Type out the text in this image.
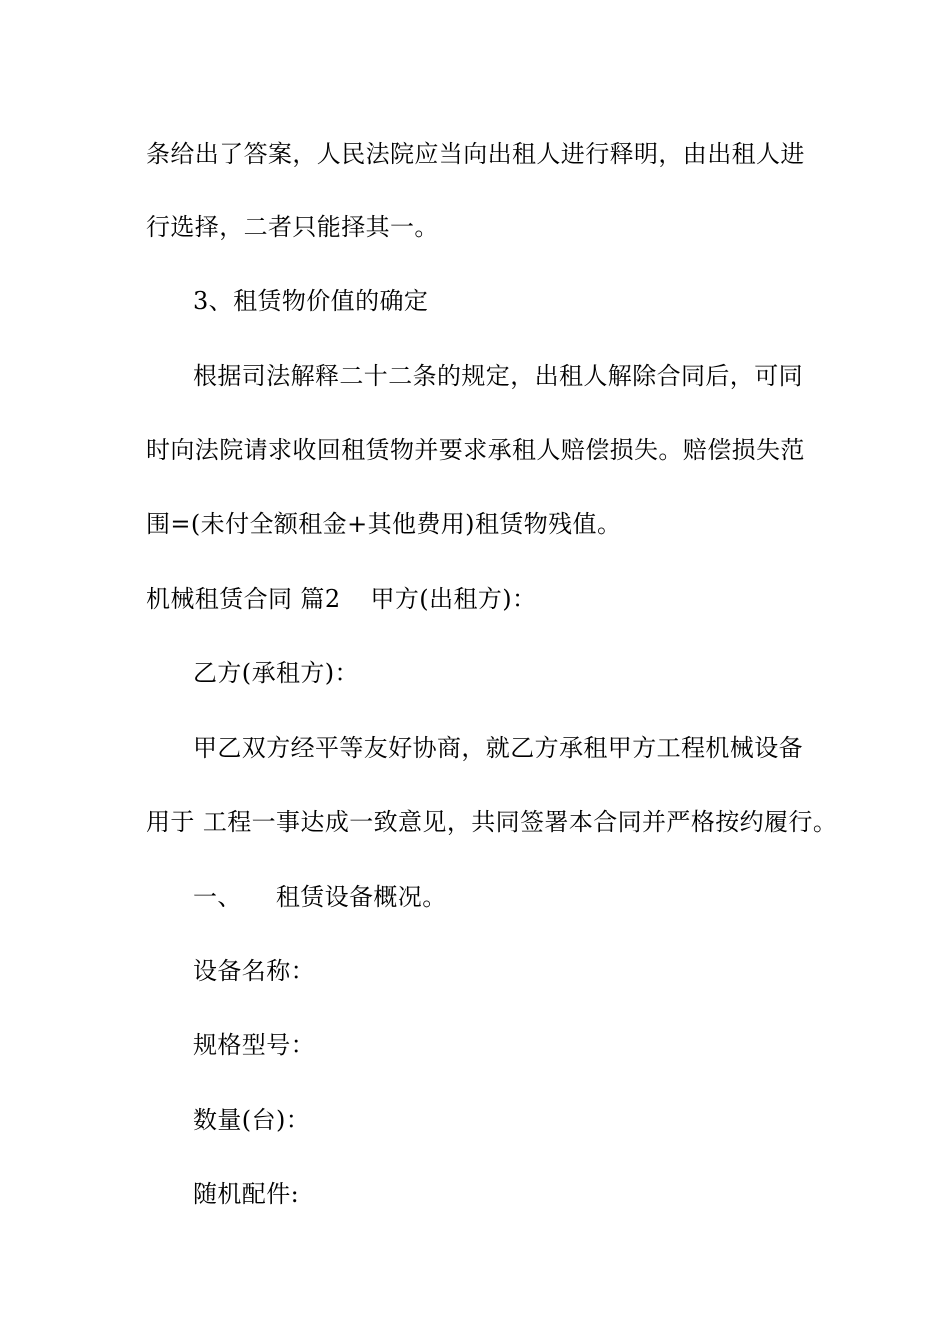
条给出了答案，人民法院应当向出租人进行释明，由出租人进
行选择，二者只能择其一。
3、租赁物价值的确定
根据司法解释二十二条的规定，出租人解除合同后，可同
时向法院请求收回租赁物并要求承租人赔偿损失。赔偿损失范
围=(未付全额租金+其他费用)租赁物残值。
机械租赁合同 篇2 甲方(出租方)：
乙方(承租方)：
甲乙双方经平等友好协商，就乙方承租甲方工程机械设备
用于 工程一事达成一致意见，共同签署本合同并严格按约履行。
一、 租赁设备概况。
设备名称：
规格型号：
数量(台)：
随机配件:
